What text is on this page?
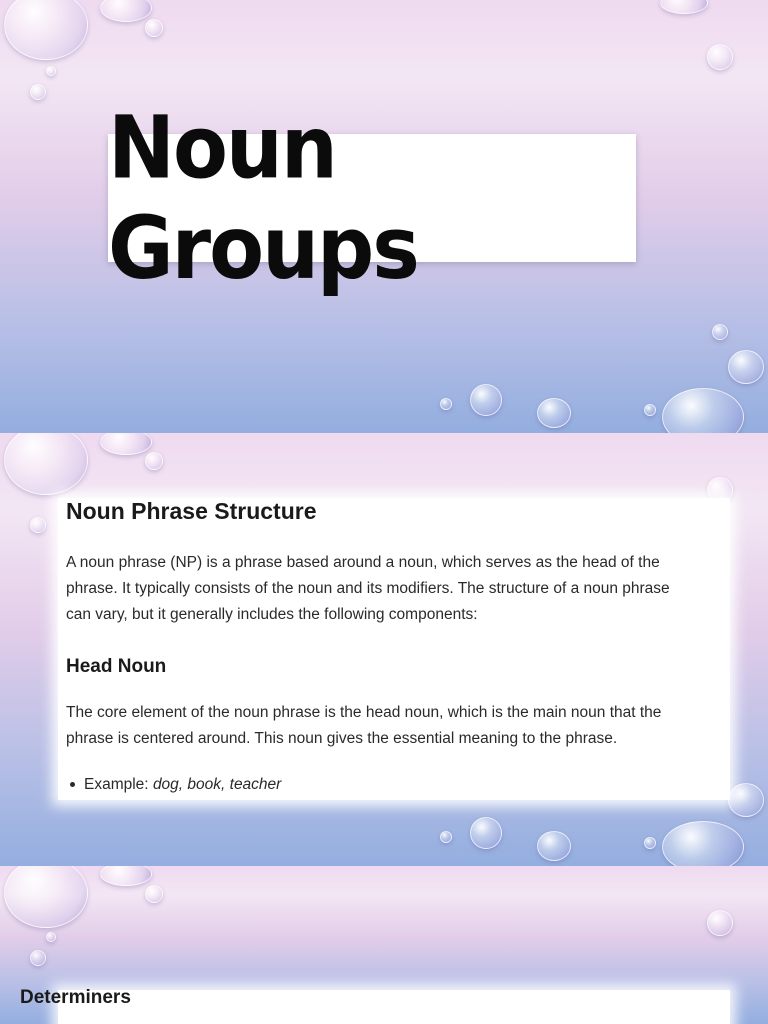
Noun Groups
Noun Phrase Structure
A noun phrase (NP) is a phrase based around a noun, which serves as the head of the
phrase. It typically consists of the noun and its modifiers. The structure of a noun phrase
can vary, but it generally includes the following components:
Head Noun
The core element of the noun phrase is the head noun, which is the main noun that the
phrase is centered around. This noun gives the essential meaning to the phrase.
Example: dog, book, teacher
Determiners
